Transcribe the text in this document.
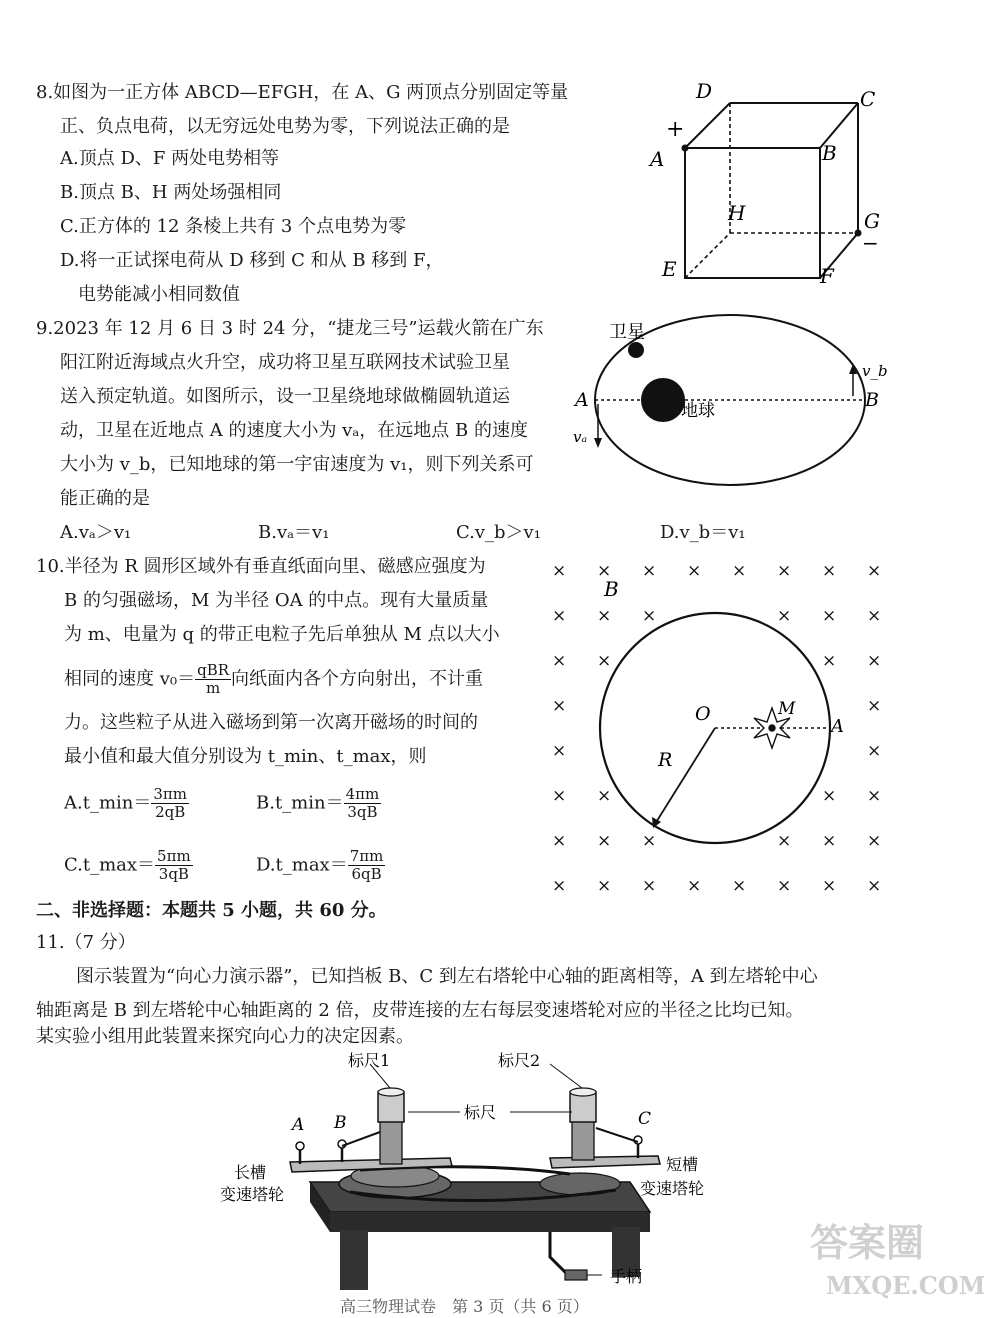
8.如图为一正方体 ABCD—EFGH，在 A、G 两顶点分别固定等量
正、负点电荷，以无穷远处电势为零，下列说法正确的是
A.顶点 D、F 两处电势相等
B.顶点 B、H 两处场强相同
C.正方体的 12 条棱上共有 3 个点电势为零
D.将一正试探电荷从 D 移到 C 和从 B 移到 F，
电势能减小相同数值
D	C
+
A	B
H	G
−
E	F
9.2023 年 12 月 6 日 3 时 24 分，“捷龙三号”运载火箭在广东
阳江附近海域点火升空，成功将卫星互联网技术试验卫星
送入预定轨道。如图所示，设一卫星绕地球做椭圆轨道运
动，卫星在近地点 A 的速度大小为 vₐ，在远地点 B 的速度
大小为 v_b，已知地球的第一宇宙速度为 v₁，则下列关系可
能正确的是
A.vₐ＞v₁	B.vₐ＝v₁	C.v_b＞v₁	D.v_b＝v₁
卫星
地球
A	B
vₐ
v_b
10.半径为 R 圆形区域外有垂直纸面向里、磁感应强度为
B 的匀强磁场，M 为半径 OA 的中点。现有大量质量
为 m、电量为 q 的带正电粒子先后单独从 M 点以大小
相同的速度 $v_0= \frac{\text{qBR}}{m}$ 向纸面内各个方向射出，不计重
力。这些粒子从进入磁场到第一次离开磁场的时间的
最小值和最大值分别设为 t_min、t_max，则
A.t_min＝ $\frac{3\pi m}{2qB}$	B.t_min＝ $\frac{4\pi m}{3qB}$
C.t_max＝ $\frac{5\pi m}{3qB}$	D.t_max＝ $\frac{7\pi m}{6qB}$
× × × × × × × ×
× × ×	× × ×
× ×	× ×
×	×
×	×
× ×	× ×
× × ×	× × ×
× × × × × × × ×
B
O	M
A
R
二、非选择题：本题共 5 小题，共 60 分。
11.（7 分）
图示装置为“向心力演示器”，已知挡板 B、C 到左右塔轮中心轴的距离相等，A 到左塔轮中心
轴距离是 B 到左塔轮中心轴距离的 2 倍，皮带连接的左右每层变速塔轮对应的半径之比均已知。
某实验小组用此装置来探究向心力的决定因素。
标尺1	标尺2
标尺
A B	C
长槽
变速塔轮
短槽
变速塔轮
手柄
高三物理试卷　第 3 页（共 6 页）
答案圈
MXQE.COM
